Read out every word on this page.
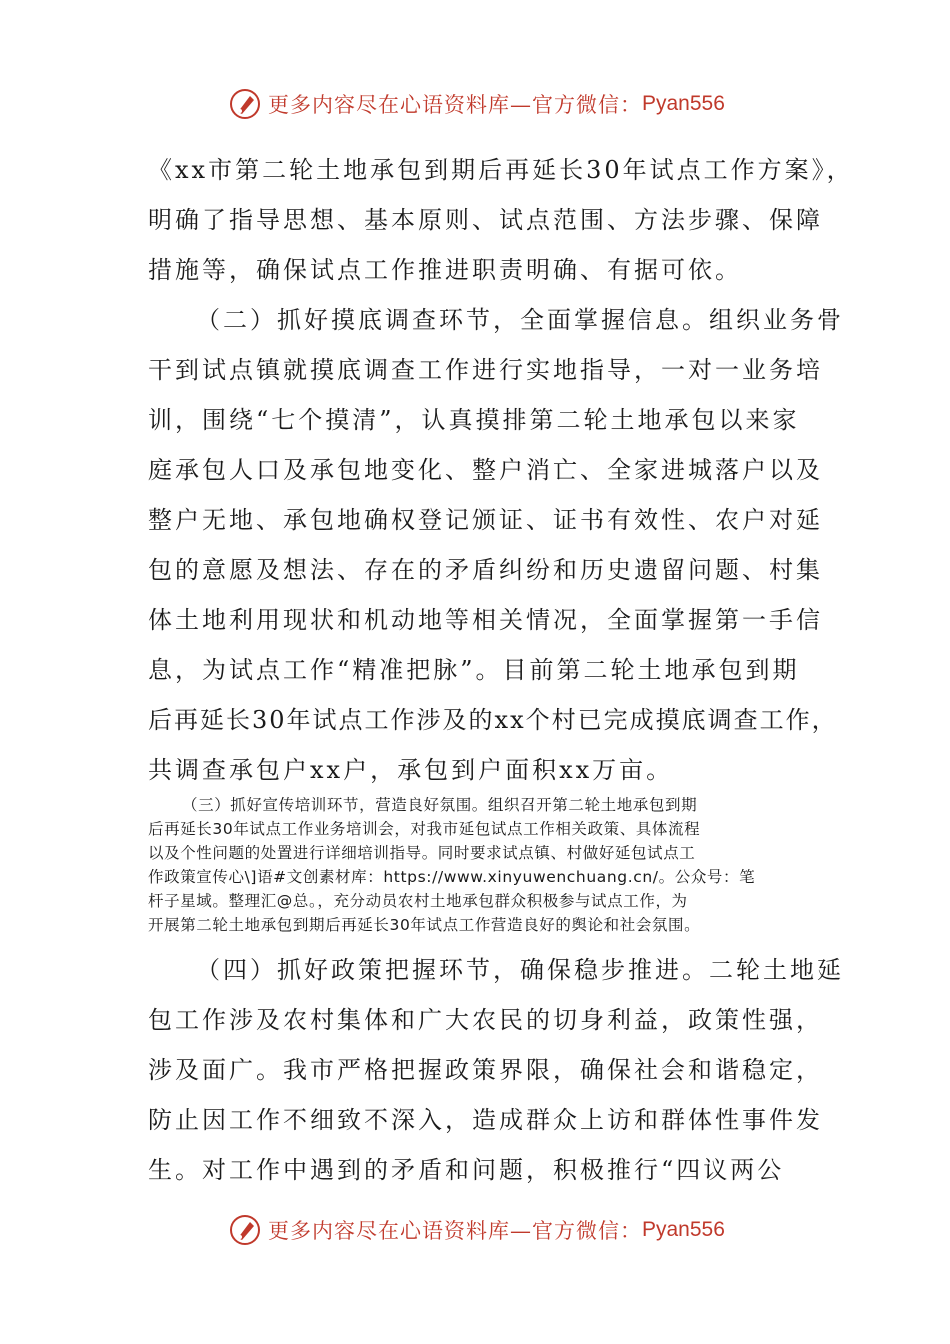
更多内容尽在心语资料库—官方微信： Pyan556
《xx市第二轮土地承包到期后再延长30年试点工作方案》，
明确了指导思想、基本原则、试点范围、方法步骤、保障
措施等，确保试点工作推进职责明确、有据可依。
（二）抓好摸底调查环节，全面掌握信息。组织业务骨
干到试点镇就摸底调查工作进行实地指导，一对一业务培
训，围绕“七个摸清”，认真摸排第二轮土地承包以来家
庭承包人口及承包地变化、整户消亡、全家进城落户以及
整户无地、承包地确权登记颁证、证书有效性、农户对延
包的意愿及想法、存在的矛盾纠纷和历史遗留问题、村集
体土地利用现状和机动地等相关情况，全面掌握第一手信
息，为试点工作“精准把脉”。目前第二轮土地承包到期
后再延长30年试点工作涉及的xx个村已完成摸底调查工作，
共调查承包户xx户，承包到户面积xx万亩。
（三）抓好宣传培训环节，营造良好氛围。组织召开第二轮土地承包到期
后再延长30年试点工作业务培训会，对我市延包试点工作相关政策、具体流程
以及个性问题的处置进行详细培训指导。同时要求试点镇、村做好延包试点工
作政策宣传心\]语#文创素材库：https://www.xinyuwenchuang.cn/。公众号：笔
杆子星域。整理汇@总。，充分动员农村土地承包群众积极参与试点工作，为
开展第二轮土地承包到期后再延长30年试点工作营造良好的舆论和社会氛围。
（四）抓好政策把握环节，确保稳步推进。二轮土地延
包工作涉及农村集体和广大农民的切身利益，政策性强，
涉及面广。我市严格把握政策界限，确保社会和谐稳定，
防止因工作不细致不深入，造成群众上访和群体性事件发
生。对工作中遇到的矛盾和问题，积极推行“四议两公
更多内容尽在心语资料库—官方微信： Pyan556
